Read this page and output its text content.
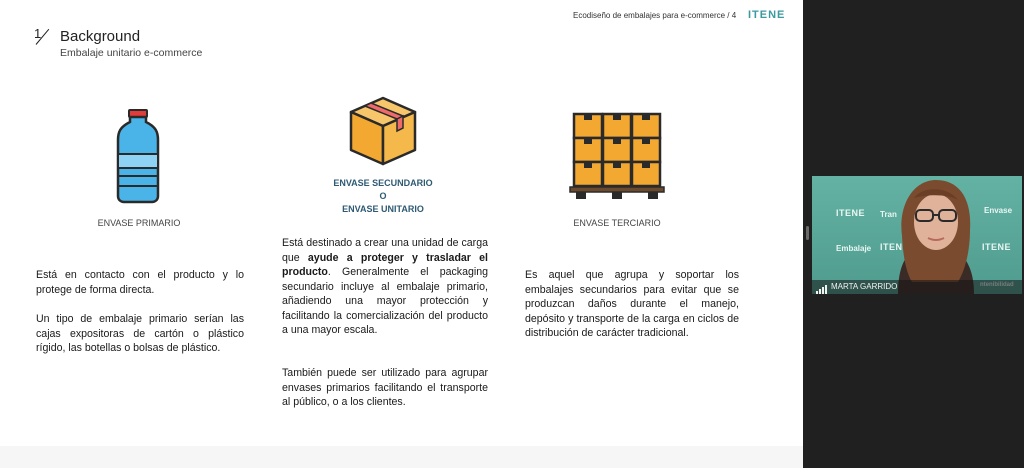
1 Background
Embalaje unitario e-commerce
Ecodiseño de embalajes para e-commerce / 4 ITENE
ENVASE PRIMARIO
ENVASE SECUNDARIO
O
ENVASE UNITARIO
ENVASE TERCIARIO

Está en contacto con el producto y lo protege de forma directa.

Un tipo de embalaje primario serían las cajas expositoras de cartón o plástico rígido, las botellas o bolsas de plástico.

Está destinado a crear una unidad de carga que ayude a proteger y trasladar el producto. Generalmente el packaging secundario incluye al embalaje primario, añadiendo una mayor protección y facilitando la comercialización del producto a una mayor escala.

También puede ser utilizado para agrupar envases primarios facilitando el transporte al público, o a los clientes.

Es aquel que agrupa y soportar los embalajes secundarios para evitar que se produzcan daños durante el manejo, depósito y transporte de la carga en ciclos de distribución de carácter tradicional.

ITENE Tran	Envase
Embalaje ITEN	ITENE
MARTA GARRIDO
